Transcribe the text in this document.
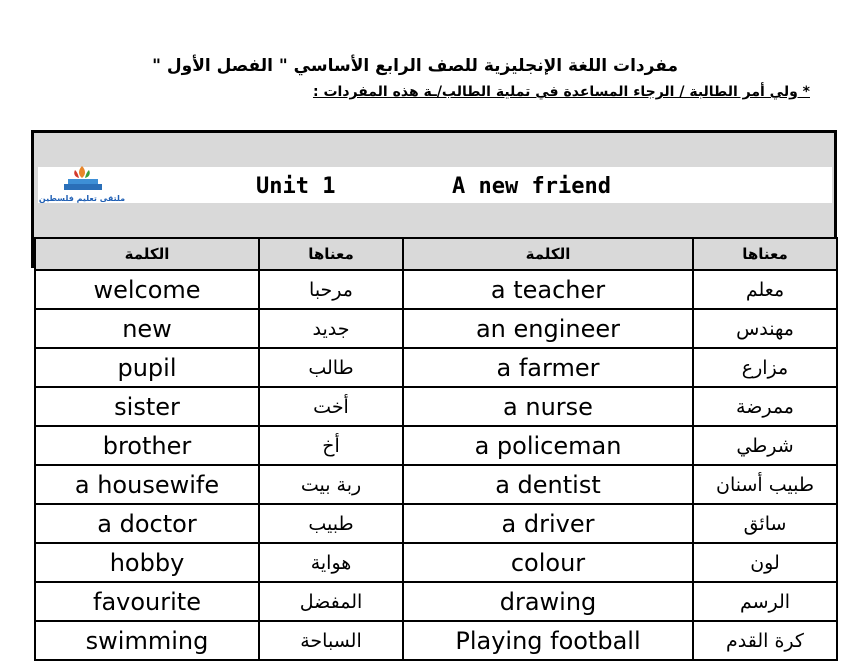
مفردات اللغة الإنجليزية للصف الرابع الأساسي " الفصل الأول "
* ولي أمر الطالبة / الرجاء المساعدة في تملية الطالب/ـة هذه المفردات :
ملتقى تعليم فلسطين	Unit 1	A new friend
الكلمة	معناها	الكلمة	معناها
welcome	مرحبا	a teacher	معلم
new	جديد	an engineer	مهندس
pupil	طالب	a farmer	مزارع
sister	أخت	a nurse	ممرضة
brother	أخ	a policeman	شرطي
a housewife	ربة بيت	a dentist	طبيب أسنان
a doctor	طبيب	a driver	سائق
hobby	هواية	colour	لون
favourite	المفضل	drawing	الرسم
swimming	السباحة	Playing football	كرة القدم
